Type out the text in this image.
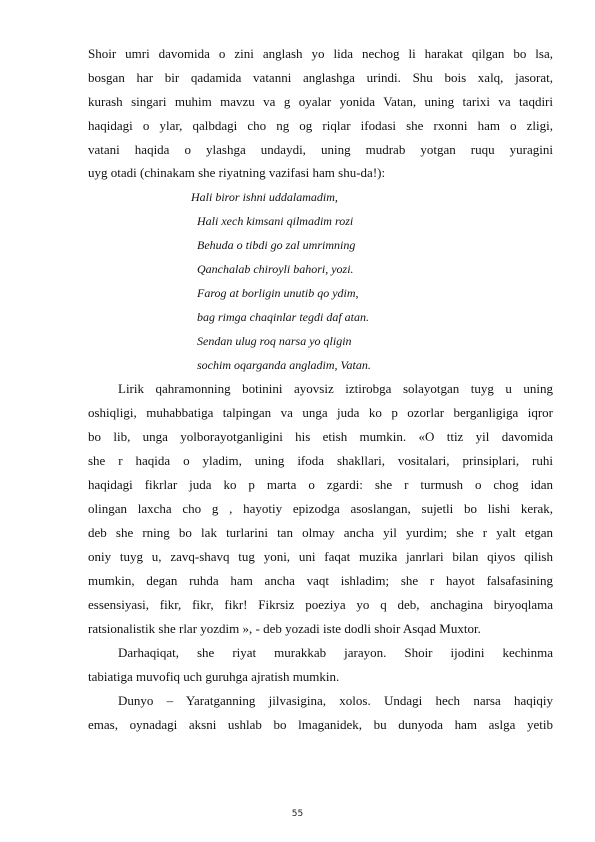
Shoir umri davomida o zini anglash yo lida nechog li harakat qilgan bo lsa,
bosgan har bir qadamida vatanni anglashga urindi. Shu bois xalq, jasorat,
kurash singari muhim mavzu va g oyalar yonida Vatan, uning tarixi va taqdiri
haqidagi o ylar, qalbdagi cho ng og riqlar ifodasi she rxonni ham o zligi,
vatani haqida o ylashga undaydi, uning mudrab yotgan ruqu yuragini
uyg otadi (chinakam she riyatning vazifasi ham shu-da!):
Hali biror ishni uddalamadim,
Hali xech kimsani qilmadim rozi
Behuda o tibdi go zal umrimning
Qanchalab chiroyli bahori, yozi.
Farog at borligin unutib qo ydim,
bag rimga chaqinlar tegdi daf atan.
Sendan ulug roq narsa yo qligin
sochim oqarganda angladim, Vatan.
Lirik qahramonning botinini ayovsiz iztirobga solayotgan tuyg u uning
oshiqligi, muhabbatiga talpingan va unga juda ko p ozorlar berganligiga iqror
bo lib, unga yolborayotganligini his etish mumkin. «O ttiz yil davomida
she r haqida o yladim, uning ifoda shakllari, vositalari, prinsiplari, ruhi
haqidagi fikrlar juda ko p marta o zgardi: she r turmush o chog idan
olingan laxcha cho g , hayotiy epizodga asoslangan, sujetli bo lishi kerak,
deb she rning bo lak turlarini tan olmay ancha yil yurdim; she r yalt etgan
oniy tuyg u, zavq-shavq tug yoni, uni faqat muzika janrlari bilan qiyos qilish
mumkin, degan ruhda ham ancha vaqt ishladim; she r hayot falsafasining
essensiyasi, fikr, fikr, fikr! Fikrsiz poeziya yo q deb, anchagina biryoqlama
ratsionalistik she rlar yozdim », - deb yozadi iste dodli shoir Asqad Muxtor.
Darhaqiqat, she riyat murakkab jarayon. Shoir ijodini kechinma
tabiatiga muvofiq uch guruhga ajratish mumkin.
Dunyo – Yaratganning jilvasigina, xolos. Undagi hech narsa haqiqiy
emas, oynadagi aksni ushlab bo lmaganidek, bu dunyoda ham aslga yetib
55
